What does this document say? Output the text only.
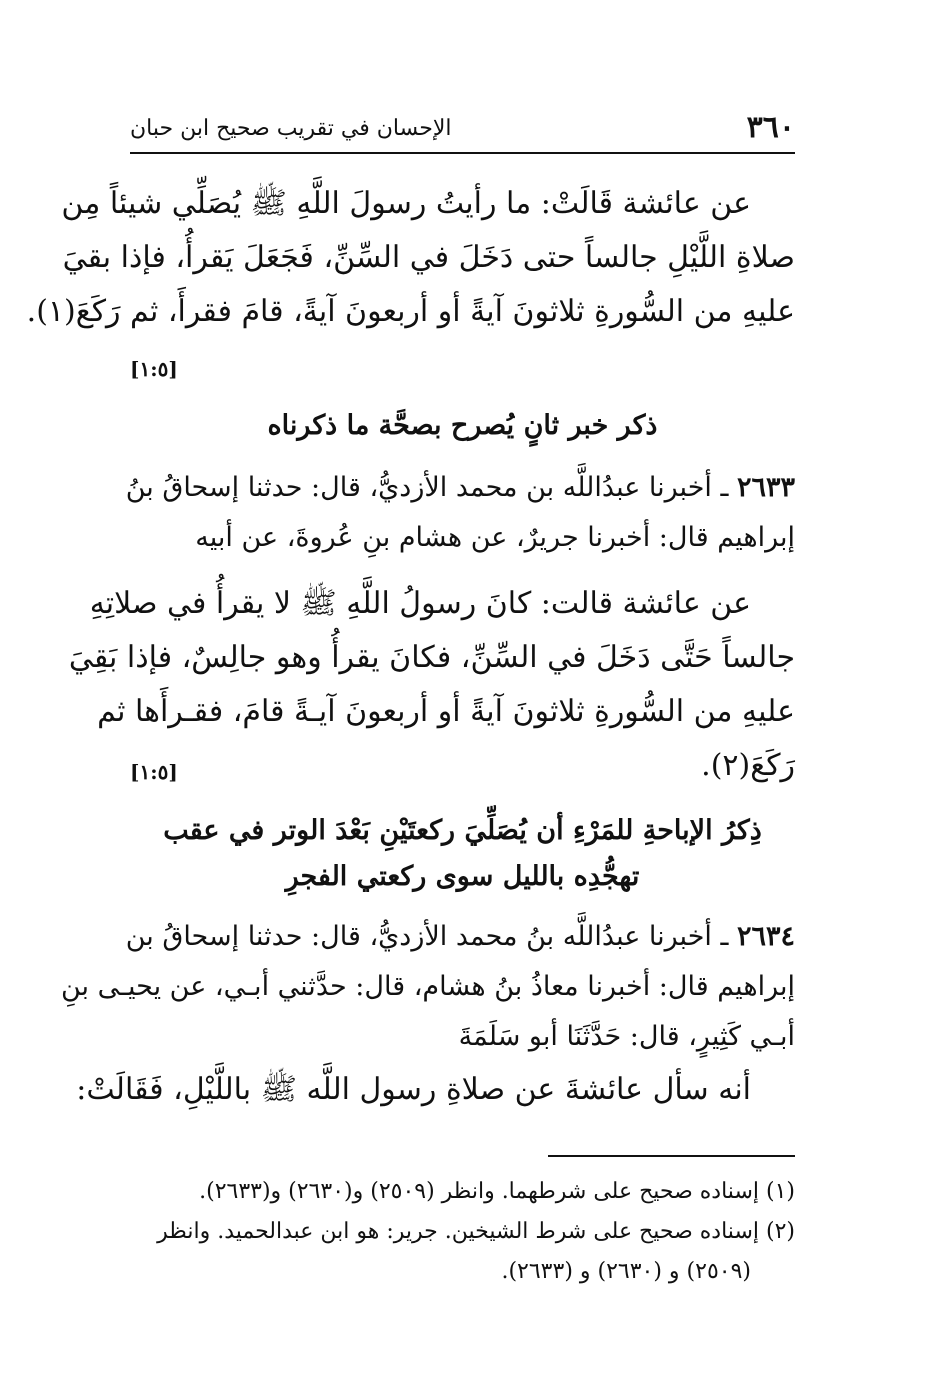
٣٦٠
الإحسان في تقريب صحيح ابن حبان
عن عائشة قَالَتْ: ما رأيتُ رسولَ اللَّهِ ﷺ يُصَلِّي شيئاً مِن
صلاةِ اللَّيْلِ جالساً حتى دَخَلَ في السِّنِّ، فَجَعَلَ يَقرأُ، فإذا بقيَ
عليهِ من السُّورةِ ثلاثونَ آيةً أو أربعونَ آيةً، قامَ فقرأَ، ثم رَكَعَ(١).
[١:٥]
ذكر خبر ثانٍ يُصرح بصحَّة ما ذكرناه
٢٦٣٣ ـ أخبرنا عبدُاللَّه بن محمد الأزديُّ، قال: حدثنا إسحاقُ بنُ
إبراهيم قال: أخبرنا جريرٌ، عن هشام بنِ عُروةَ، عن أبيه
عن عائشة قالت: كانَ رسولُ اللَّهِ ﷺ لا يقرأُ في صلاتِهِ
جالساً حَتَّى دَخَلَ في السِّنِّ، فكانَ يقرأُ وهو جالِسٌ، فإذا بَقِيَ
عليهِ من السُّورةِ ثلاثونَ آيةً أو أربعونَ آيـةً قامَ، فقـرأَها ثم
رَكَعَ(٢).
[١:٥]
ذِكرُ الإباحةِ للمَرْءِ أن يُصَلِّيَ ركعتَيْنِ بَعْدَ الوتر في عقب
تهجُّدِه بالليل سوى ركعتي الفجرِ
٢٦٣٤ ـ أخبرنا عبدُاللَّه بنُ محمد الأزديُّ، قال: حدثنا إسحاقُ بن
إبراهيم قال: أخبرنا معاذُ بنُ هشام، قال: حدَّثني أبـي، عن يحيـى بنِ
أبـي كَثِيرٍ، قال: حَدَّثَنَا أبو سَلَمَةَ
أنه سأل عائشةَ عن صلاةِ رسول اللَّه ﷺ باللَّيْلِ، فَقَالَتْ:
(١) إسناده صحيح على شرطهما. وانظر (٢٥٠٩) و(٢٦٣٠) و(٢٦٣٣).
(٢) إسناده صحيح على شرط الشيخين. جرير: هو ابن عبدالحميد. وانظر
(٢٥٠٩) و (٢٦٣٠) و (٢٦٣٣).
